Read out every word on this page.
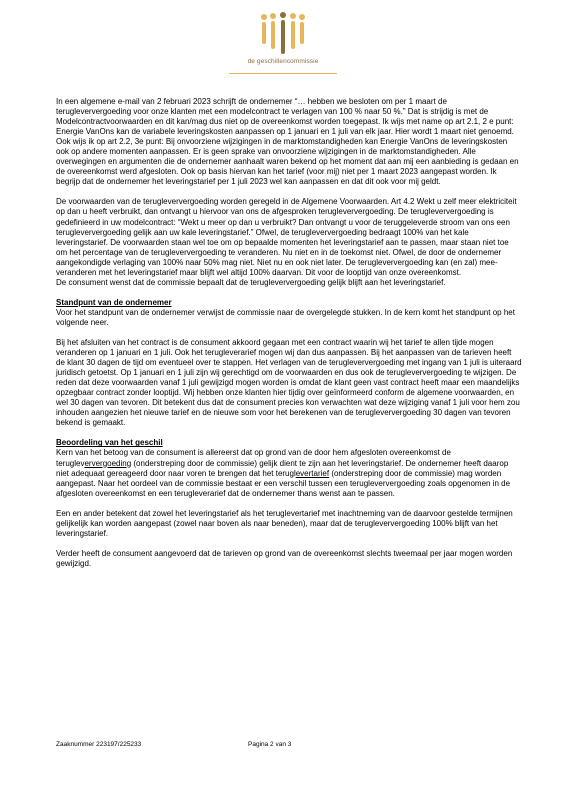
de geschillencommissie

In een algemene e-mail van 2 februari 2023 schrijft de ondernemer “… hebben we besloten om per 1 maart de terugleververgoeding voor onze klanten met een modelcontract te verlagen van 100 % naar 50 %.” Dat is strijdig is met de Modelcontractvoorwaarden en dit kan/mag dus niet op de overeenkomst worden toegepast. Ik wijs met name op art 2.1, 2 e punt: Energie VanOns kan de variabele leveringskosten aanpassen op 1 januari en 1 juli van elk jaar. Hier wordt 1 maart niet genoemd. Ook wijs ik op art 2.2, 3e punt: Bij onvoorziene wijzigingen in de marktomstandigheden kan Energie VanOns de leveringskosten ook op andere momenten aanpassen. Er is geen sprake van onvoorziene wijzigingen in de marktomstandigheden. Alle overwegingen en argumenten die de ondernemer aanhaalt waren bekend op het moment dat aan mij een aanbieding is gedaan en de overeenkomst werd afgesloten. Ook op basis hiervan kan het tarief (voor mij) niet per 1 maart 2023 aangepast worden. Ik begrijp dat de ondernemer het leveringstarief per 1 juli 2023 wel kan aanpassen en dat dit ook voor mij geldt.

De voorwaarden van de terugleververgoeding worden geregeld in de Algemene Voorwaarden. Art 4.2 Wekt u zelf meer elektriciteit op dan u heeft verbruikt, dan ontvangt u hiervoor van ons de afgesproken terugleververgoeding. De terugleververgoeding is gedefinieerd in uw modelcontract: “Wekt u meer op dan u verbruikt? Dan ontvangt u voor de teruggeleverde stroom van ons een terugleververgoeding gelijk aan uw kale leveringstarief.” Ofwel, de terugleververgoeding bedraagt 100% van het kale leveringstarief. De voorwaarden staan wel toe om op bepaalde momenten het leveringstarief aan te passen, maar staan niet toe om het percentage van de terugleververgoeding te veranderen. Nu niet en in de toekomst niet. Ofwel, de door de ondernemer aangekondigde verlaging van 100% naar 50% mag niet. Niet nu en ook niet later. De terugleververgoeding kan (en zal) mee-veranderen met het leveringstarief maar blijft wel altijd 100% daarvan. Dit voor de looptijd van onze overeenkomst.

De consument wenst dat de commissie bepaalt dat de terugleververgoeding gelijk blijft aan het leveringstarief.

Standpunt van de ondernemer

Voor het standpunt van de ondernemer verwijst de commissie naar de overgelegde stukken. In de kern komt het standpunt op het volgende neer.

Bij het afsluiten van het contract is de consument akkoord gegaan met een contract waarin wij het tarief te allen tijde mogen veranderen op 1 januari en 1 juli. Ook het terugleverarief mogen wij dan dus aanpassen. Bij het aanpassen van de tarieven heeft de klant 30 dagen de tijd om eventueel over te stappen. Het verlagen van de terugleververgoeding met ingang van 1 juli is uiteraard juridisch getoetst. Op 1 januari en 1 juli zijn wij gerechtigd om de voorwaarden en dus ook de terugleververgoeding te wijzigen. De reden dat deze voorwaarden vanaf 1 juli gewijzigd mogen worden is omdat de klant geen vast contract heeft maar een maandelijks opzegbaar contract zonder looptijd. Wij hebben onze klanten hier tijdig over geïnformeerd conform de algemene voorwaarden, en wel 30 dagen van tevoren. Dit betekent dus dat de consument precies kon verwachten wat deze wijziging vanaf 1 juli voor hem zou inhouden aangezien het nieuwe tarief en de nieuwe som voor het berekenen van de terugleververgoeding 30 dagen van tevoren bekend is gemaakt.

Beoordeling van het geschil

Kern van het betoog van de consument is allereerst dat op grond van de door hem afgesloten overeenkomst de terugleververgoeding (onderstreping door de commissie) gelijk dient te zijn aan het leveringstarief. De ondernemer heeft daarop niet adequaat gereageerd door naar voren te brengen dat het teruglevertarief (onderstreping door de commissie) mag worden aangepast. Naar het oordeel van de commissie bestaat er een verschil tussen een terugleververgoeding zoals opgenomen in de afgesloten overeenkomst en een terugleverarief dat de ondernemer thans wenst aan te passen.

Een en ander betekent dat zowel het leveringstarief als het teruglevertarief met inachtneming van de daarvoor gestelde termijnen gelijkelijk kan worden aangepast (zowel naar boven als naar beneden), maar dat de terugleververgoeding 100% blijft van het leveringstarief.

Verder heeft de consument aangevoerd dat de tarieven op grond van de overeenkomst slechts tweemaal per jaar mogen worden gewijzigd.

Zaaknummer 223197/225233	Pagina 2 van 3
